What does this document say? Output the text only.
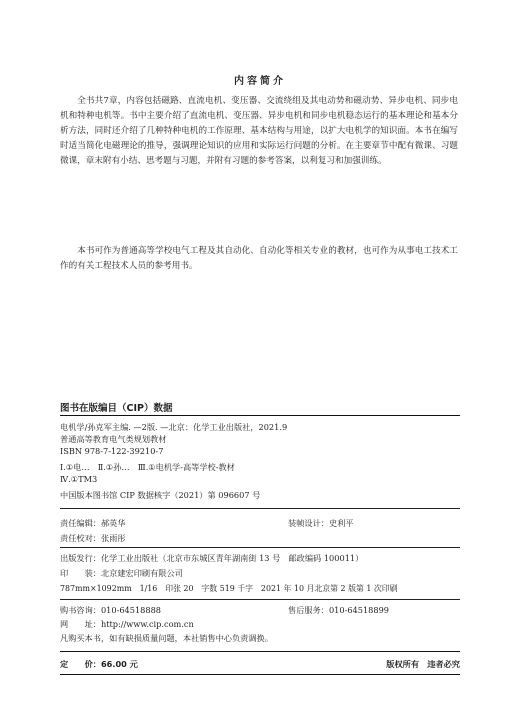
内容简介

全书共7章，内容包括磁路、直流电机、变压器、交流绕组及其电动势和磁动势、异步电机、同步电机和特种电机等。书中主要介绍了直流电机、变压器、异步电机和同步电机稳态运行的基本理论和基本分析方法，同时还介绍了几种特种电机的工作原理、基本结构与用途，以扩大电机学的知识面。本书在编写时适当简化电磁理论的推导，强调理论知识的应用和实际运行问题的分析。在主要章节中配有微课、习题微课，章末附有小结、思考题与习题，并附有习题的参考答案，以利复习和加强训练。

本书可作为普通高等学校电气工程及其自动化、自动化等相关专业的教材，也可作为从事电工技术工作的有关工程技术人员的参考用书。

图书在版编目（CIP）数据
电机学/孙克军主编. —2版. —北京：化学工业出版社，2021.9
普通高等教育电气类规划教材
ISBN 978-7-122-39210-7
Ⅰ.①电…　Ⅱ.①孙…　Ⅲ.①电机学-高等学校-教材
Ⅳ.①TM3
中国版本图书馆 CIP 数据核字（2021）第 096607 号
责任编辑：郝英华	装帧设计：史利平
责任校对：张雨彤
出版发行：化学工业出版社（北京市东城区青年湖南街 13 号　邮政编码 100011）
印　　装：北京建宏印刷有限公司
787mm×1092mm　1/16　印张 20　字数 519 千字　2021 年 10 月北京第 2 版第 1 次印刷
购书咨询：010-64518888	售后服务：010-64518899
网　　址：http://www.cip.com.cn
凡购买本书，如有缺损质量问题，本社销售中心负责调换。
定　　价：66.00 元	版权所有　违者必究
